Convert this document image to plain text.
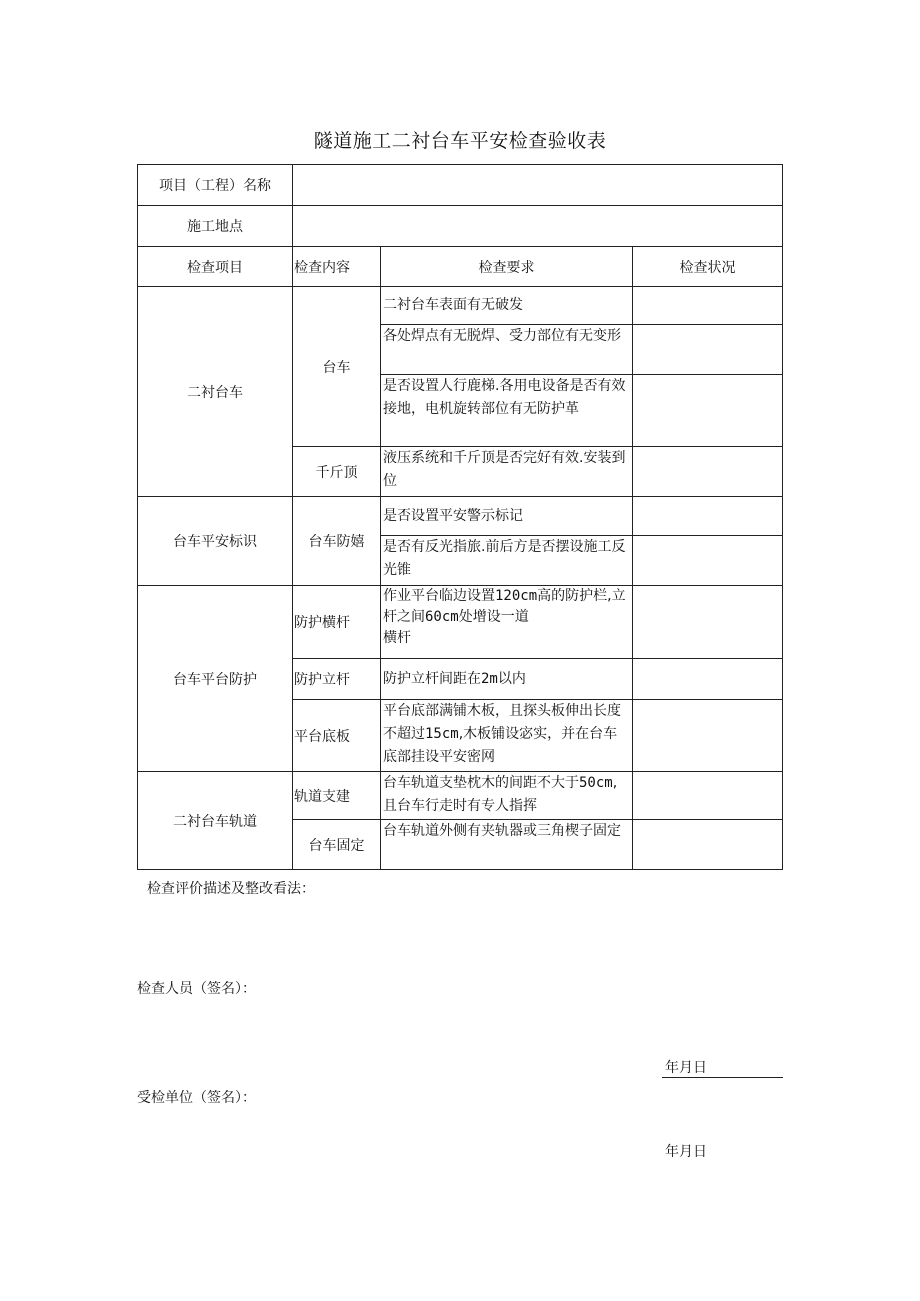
隧道施工二衬台车平安检查验收表
项目（工程）名称			
施工地点			
检查项目	检查内容	检查要求	检查状况
二衬台车	台车	二衬台车表面有无破发	
		各处焊点有无脱焊、受力部位有无变形	
		是否设置人行鹿梯.各用电设备是否有效接地，电机旋转部位有无防护革	
	千斤顶	液压系统和千斤顶是否完好有效.安装到位	
台车平安标识	台车防嬉	是否设置平安警示标记	
		是否有反光指旅.前后方是否摆设施工反光锥	
台车平台防护	防护横杆	作业平台临边设置120cm高的防护栏,立杆之间60cm处增设一道
横杆	
	防护立杆	防护立杆间距在2m以内	
	平台底板	平台底部满铺木板，且探头板伸出长度不超过15cm,木板铺设宓实，并在台车底部挂设平安密网	
二衬台车轨道	轨道支建	台车轨道支垫枕木的间距不大于50cm,且台车行走时有专人指挥	
	台车固定	台车轨道外侧有夹轨器或三角楔子固定	
检查评价描述及整改看法：
检查人员（签名）：
年月日
受检单位（签名）：
年月日
